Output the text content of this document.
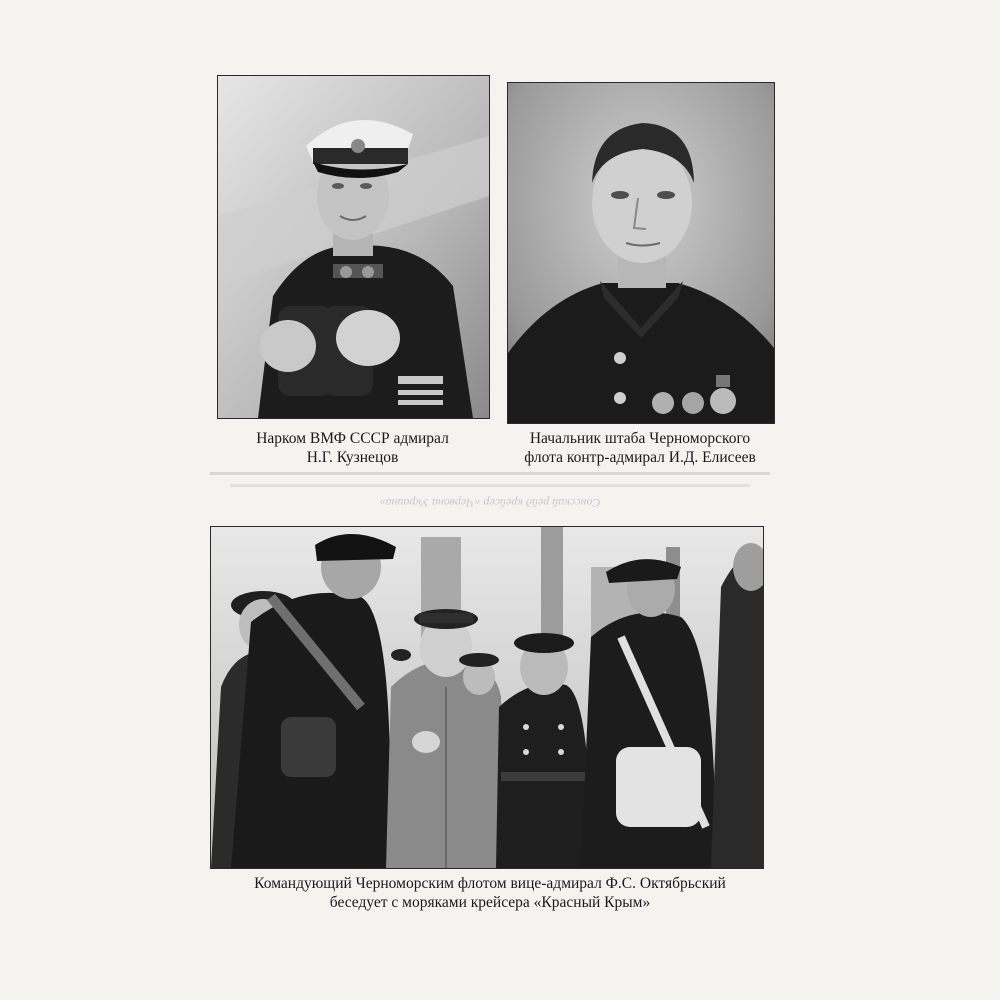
Нарком ВМФ СССР адмирал
Н.Г. Кузнецов
Начальник штаба Черноморского
флота контр-адмирал И.Д. Елисеев
Сонсский рейд крейсер «Червона Украина»
Командующий Черноморским флотом вице-адмирал Ф.С. Октябрьский
беседует с моряками крейсера «Красный Крым»
